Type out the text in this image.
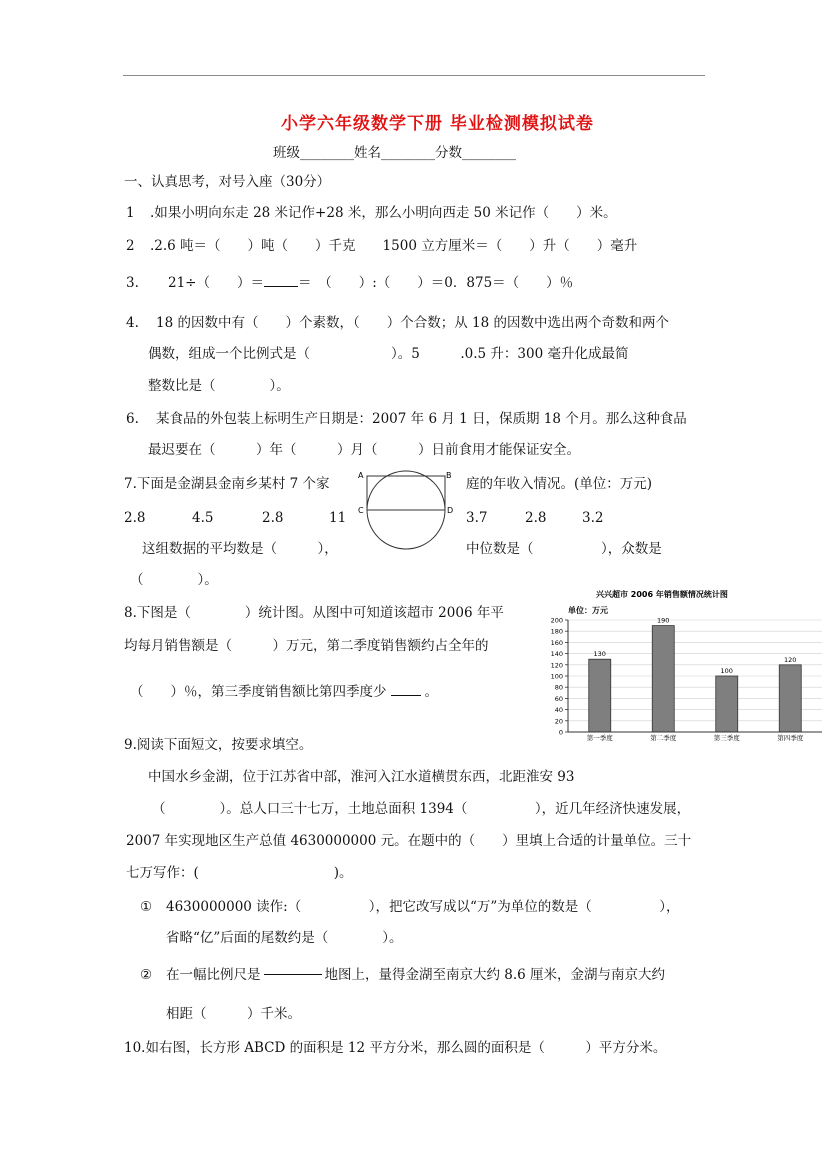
小学六年级数学下册 毕业检测模拟试卷
班级________姓名________分数________
一、认真思考，对号入座（30分）
1 .如果小明向东走 28 米记作+28 米，那么小明向西走 50 米记作（　　）米。
2 .2.6 吨＝（　　）吨（　　）千克　　1500 立方厘米＝（　　）升（　　）毫升
3. 21÷（　　）＝	＝　（　　）:（　　）＝0．875＝（　　）％
4. 18 的因数中有（　　）个素数，（　　）个合数；从 18 的因数中选出两个奇数和两个
偶数，组成一个比例式是（　　　　　　）。5　　　.0.5 升：300 毫升化成最简
整数比是（　　　　）。
6. 某食品的外包装上标明生产日期是：2007 年 6 月 1 日，保质期 18 个月。那么这种食品
最迟要在（　　　）年（　　　）月（　　　）日前食用才能保证安全。
7.下面是金湖县金南乡某村 7 个家	庭的年收入情况。(单位：万元)
2.8	4.5	2.8	11	3.7	2.8	3.2
这组数据的平均数是（　　　），	中位数是（　　　　　），众数是
（　　　　）。
A	B
C	D
8.下图是（　　　　）统计图。从图中可知道该超市 2006 年平
均每月销售额是（　　　）万元，第二季度销售额约占全年的
（　　）％，第三季度销售额比第四季度少	。
兴兴超市 2006 年销售额情况统计图
单位：万元
130
190
100
120
0
20
40
60
80
100
120
140
160
180
200
第一季度	第二季度	第三季度	第四季度
9.阅读下面短文，按要求填空。
中国水乡金湖，位于江苏省中部，淮河入江水道横贯东西，北距淮安 93
（　　　　）。总人口三十七万，土地总面积 1394（　　　　　），近几年经济快速发展，
2007 年实现地区生产总值 4630000000 元。在题中的（　　）里填上合适的计量单位。三十
七万写作：(　　　　　　　　　　)。
① 4630000000 读作:（　　　　　），把它改写成以“万”为单位的数是（　　　　　），
省略“亿”后面的尾数约是（　　　　）。
② 在一幅比例尺是	地图上，量得金湖至南京大约 8.6 厘米，金湖与南京大约
相距（　　　）千米。
10.如右图，长方形 ABCD 的面积是 12 平方分米，那么圆的面积是（　　　）平方分米。
